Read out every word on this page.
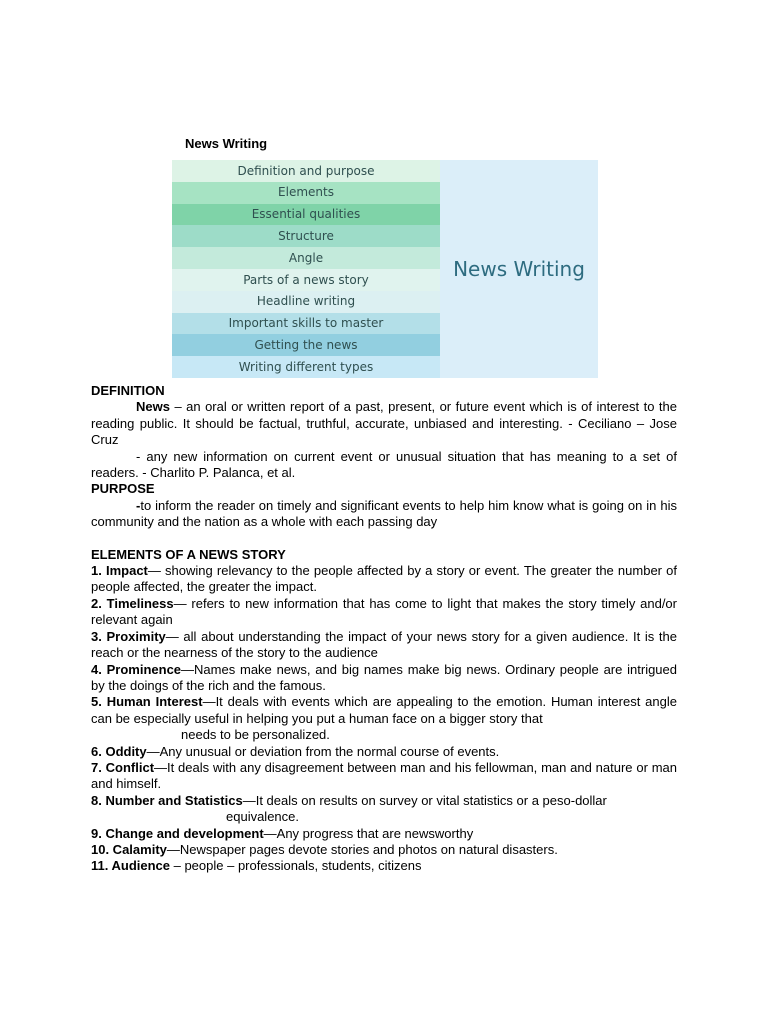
News Writing
Definition and purpose
Elements
Essential qualities
Structure
Angle
Parts of a news story
Headline writing
Important skills to master
Getting the news
Writing different types
News Writing

DEFINITION

News – an oral or written report of a past, present, or future event which is of interest to the reading public. It should be factual, truthful, accurate, unbiased and interesting. - Ceciliano – Jose Cruz

- any new information on current event or unusual situation that has meaning to a set of readers. - Charlito P. Palanca, et al.

PURPOSE

-to inform the reader on timely and significant events to help him know what is going on in his community and the nation as a whole with each passing day

ELEMENTS OF A NEWS STORY

1. Impact— showing relevancy to the people affected by a story or event. The greater the number of people affected, the greater the impact.

2. Timeliness— refers to new information that has come to light that makes the story timely and/or relevant again

3. Proximity— all about understanding the impact of your news story for a given audience. It is the reach or the nearness of the story to the audience

4. Prominence—Names make news, and big names make big news. Ordinary people are intrigued by the doings of the rich and the famous.

5. Human Interest—It deals with events which are appealing to the emotion. Human interest angle can be especially useful in helping you put a human face on a bigger story that

needs to be personalized.

6. Oddity—Any unusual or deviation from the normal course of events.

7. Conflict—It deals with any disagreement between man and his fellowman, man and nature or man and himself.

8. Number and Statistics—It deals on results on survey or vital statistics or a peso-dollar

equivalence.

9. Change and development—Any progress that are newsworthy

10. Calamity—Newspaper pages devote stories and photos on natural disasters.

11. Audience – people – professionals, students, citizens
